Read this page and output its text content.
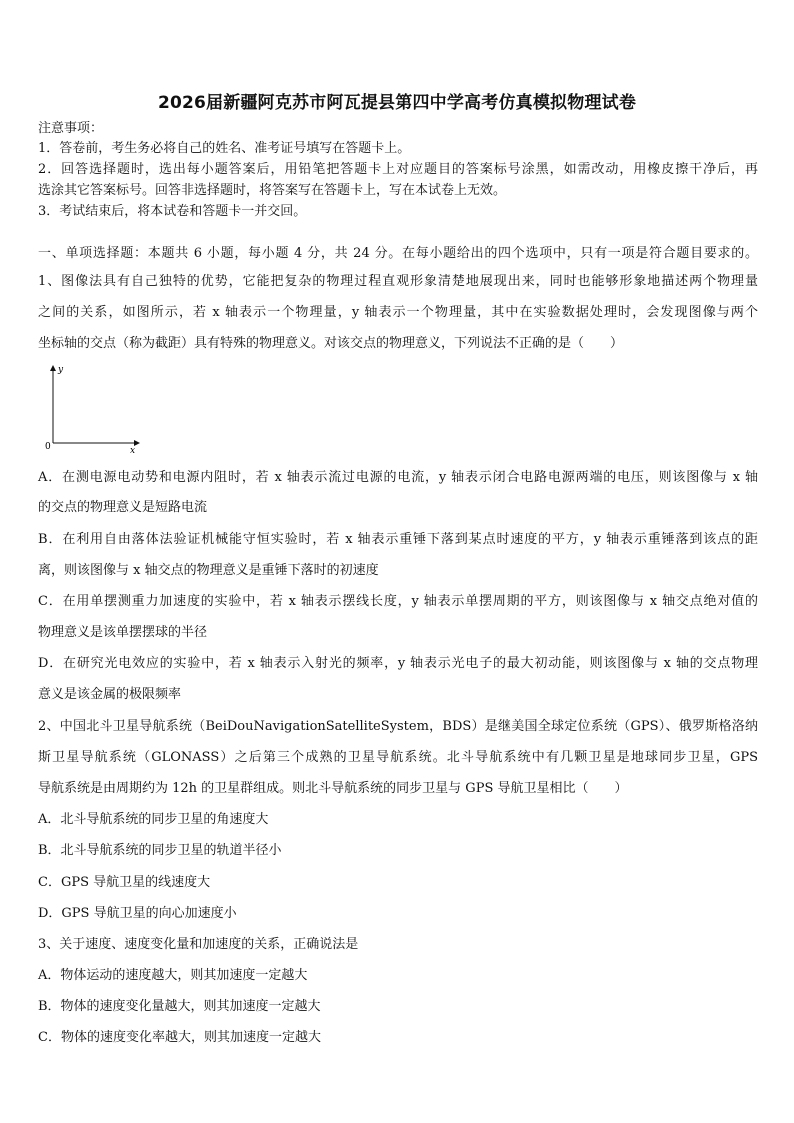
2026届新疆阿克苏市阿瓦提县第四中学高考仿真模拟物理试卷
注意事项：
1．答卷前，考生务必将自己的姓名、准考证号填写在答题卡上。
2．回答选择题时，选出每小题答案后，用铅笔把答题卡上对应题目的答案标号涂黑，如需改动，用橡皮擦干净后，再
选涂其它答案标号。回答非选择题时，将答案写在答题卡上，写在本试卷上无效。
3．考试结束后，将本试卷和答题卡一并交回。
一、单项选择题：本题共 6 小题，每小题 4 分，共 24 分。在每小题给出的四个选项中，只有一项是符合题目要求的。
1、图像法具有自己独特的优势，它能把复杂的物理过程直观形象清楚地展现出来，同时也能够形象地描述两个物理量
之间的关系，如图所示，若 x 轴表示一个物理量，y 轴表示一个物理量，其中在实验数据处理时，会发现图像与两个
坐标轴的交点（称为截距）具有特殊的物理意义。对该交点的物理意义，下列说法不正确的是（　　）
y
x
0
A．在测电源电动势和电源内阻时，若 x 轴表示流过电源的电流，y 轴表示闭合电路电源两端的电压，则该图像与 x 轴
的交点的物理意义是短路电流
B．在利用自由落体法验证机械能守恒实验时，若 x 轴表示重锤下落到某点时速度的平方，y 轴表示重锤落到该点的距
离，则该图像与 x 轴交点的物理意义是重锤下落时的初速度
C．在用单摆测重力加速度的实验中，若 x 轴表示摆线长度，y 轴表示单摆周期的平方，则该图像与 x 轴交点绝对值的
物理意义是该单摆摆球的半径
D．在研究光电效应的实验中，若 x 轴表示入射光的频率，y 轴表示光电子的最大初动能，则该图像与 x 轴的交点物理
意义是该金属的极限频率
2、中国北斗卫星导航系统（BeiDouNavigationSatelliteSystem，BDS）是继美国全球定位系统（GPS）、俄罗斯格洛纳
斯卫星导航系统（GLONASS）之后第三个成熟的卫星导航系统。北斗导航系统中有几颗卫星是地球同步卫星，GPS
导航系统是由周期约为 12h 的卫星群组成。则北斗导航系统的同步卫星与 GPS 导航卫星相比（　　）
A．北斗导航系统的同步卫星的角速度大
B．北斗导航系统的同步卫星的轨道半径小
C．GPS 导航卫星的线速度大
D．GPS 导航卫星的向心加速度小
3、关于速度、速度变化量和加速度的关系，正确说法是
A．物体运动的速度越大，则其加速度一定越大
B．物体的速度变化量越大，则其加速度一定越大
C．物体的速度变化率越大，则其加速度一定越大
